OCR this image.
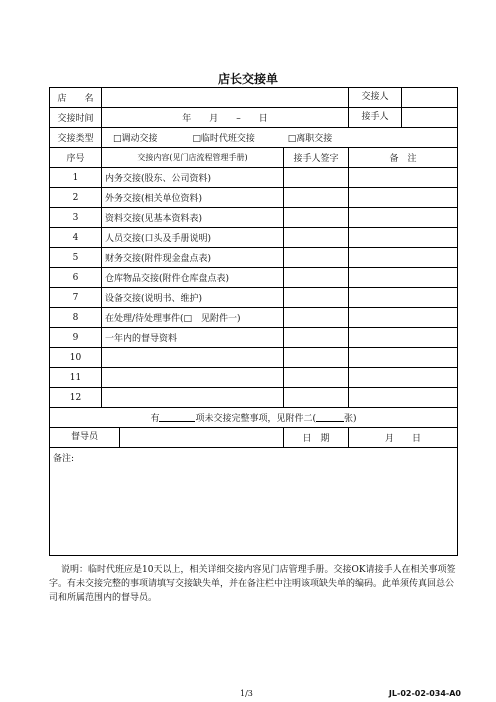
店长交接单
店　　名			交接人

交接时间	年　　月　　–　　日		接手人

交接类型	□调动交接 □临时代班交接 □离职交接		
序号	交接内容(见门店流程管理手册)	接手人签字	备　注
1	内务交接(股东、公司资料)		
2	外务交接(相关单位资料)		
3	资料交接(见基本资料表)		
4	人员交接(口头及手册说明)		
5	财务交接(附件现金盘点表)		
6	仓库物品交接(附件仓库盘点表)		
7	设备交接(说明书、维护)		
8	在处理/待处理事件(□　见附件一)		
9	一年内的督导资料		
10			
11			
12			
有 项未交接完整事项，见附件二( 张)			

督导员		日　期	月　　日
备注:			
说明：临时代班应是10天以上，相关详细交接内容见门店管理手册。交接OK请接手人在相关事项签字。有未交接完整的事项请填写交接缺失单，并在备注栏中注明该项缺失单的编码。此单须传真回总公司和所属范围内的督导员。
1/3	JL-02-02-034-A0
